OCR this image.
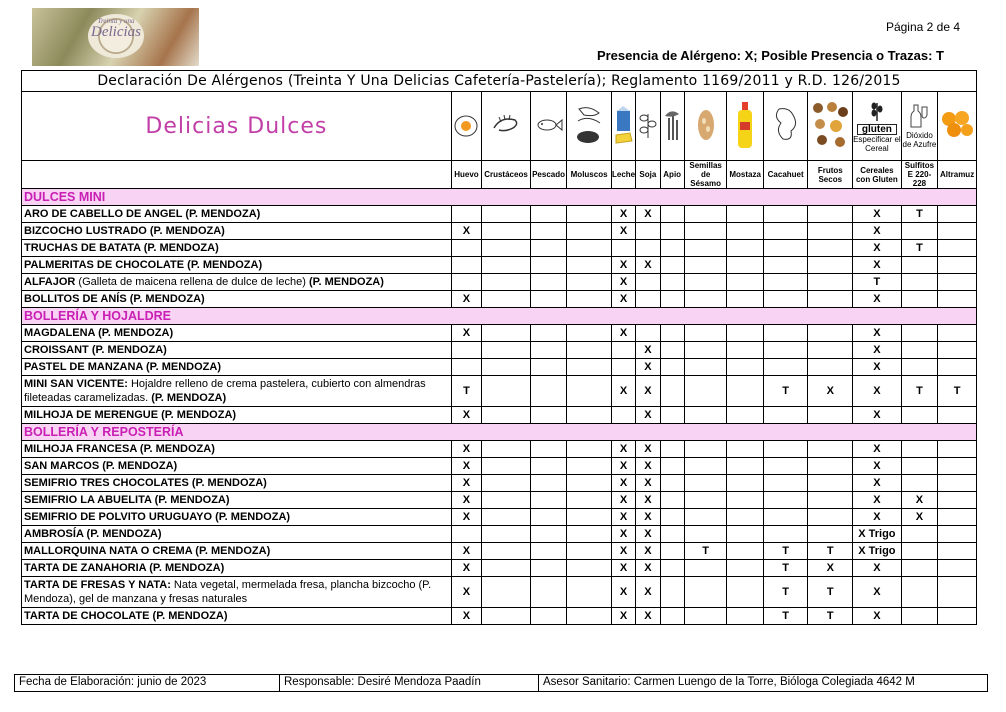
Treinta y una
Delicias	Página 2 de 4
Presencia de Alérgeno: X; Posible Presencia o Trazas: T
Declaración De Alérgenos (Treinta Y Una Delicias Cafetería-Pastelería); Reglamento 1169/2011 y R.D. 126/2015														
Delicias Dulces												gluten
Especificar el Cereal	Dióxido de Azufre

	Huevo	Crustáceos	Pescado	Moluscos	Leche	Soja	Apio	Semillas de Sésamo	Mostaza	Cacahuet	Frutos Secos	Cereales con Gluten	Sulfitos E 220-228	Altramuz
DULCES MINI														
ARO DE CABELLO DE ANGEL (P. MENDOZA)					X	X						X	T	
BIZCOCHO LUSTRADO (P. MENDOZA)	X				X							X		
TRUCHAS DE BATATA (P. MENDOZA)												X	T	
PALMERITAS DE CHOCOLATE (P. MENDOZA)					X	X						X		
ALFAJOR (Galleta de maicena rellena de dulce de leche) (P. MENDOZA)					X							T		
BOLLITOS DE ANÍS (P. MENDOZA)	X				X							X		
BOLLERÍA Y HOJALDRE														
MAGDALENA (P. MENDOZA)	X				X							X		
CROISSANT (P. MENDOZA)						X						X		
PASTEL DE MANZANA (P. MENDOZA)						X						X		
MINI SAN VICENTE: Hojaldre relleno de crema pastelera, cubierto con almendras fileteadas caramelizadas. (P. MENDOZA)	T				X	X				T	X	X	T	T
MILHOJA DE MERENGUE (P. MENDOZA)	X					X						X		
BOLLERÍA Y REPOSTERÍA														
MILHOJA FRANCESA (P. MENDOZA)	X				X	X						X		
SAN MARCOS (P. MENDOZA)	X				X	X						X		
SEMIFRIO TRES CHOCOLATES (P. MENDOZA)	X				X	X						X		
SEMIFRIO LA ABUELITA (P. MENDOZA)	X				X	X						X	X	
SEMIFRIO DE POLVITO URUGUAYO (P. MENDOZA)	X				X	X						X	X	
AMBROSÍA (P. MENDOZA)					X	X						X Trigo		
MALLORQUINA NATA O CREMA (P. MENDOZA)	X				X	X		T		T	T	X Trigo		
TARTA DE ZANAHORIA (P. MENDOZA)	X				X	X				T	X	X		
TARTA DE FRESAS Y NATA: Nata vegetal, mermelada fresa, plancha bizcocho (P. Mendoza), gel de manzana y fresas naturales	X				X	X				T	T	X		
TARTA DE CHOCOLATE (P. MENDOZA)	X				X	X				T	T	X		
Fecha de Elaboración: junio de 2023	Responsable: Desiré Mendoza Paadín	Asesor Sanitario: Carmen Luengo de la Torre, Bióloga Colegiada 4642 M
